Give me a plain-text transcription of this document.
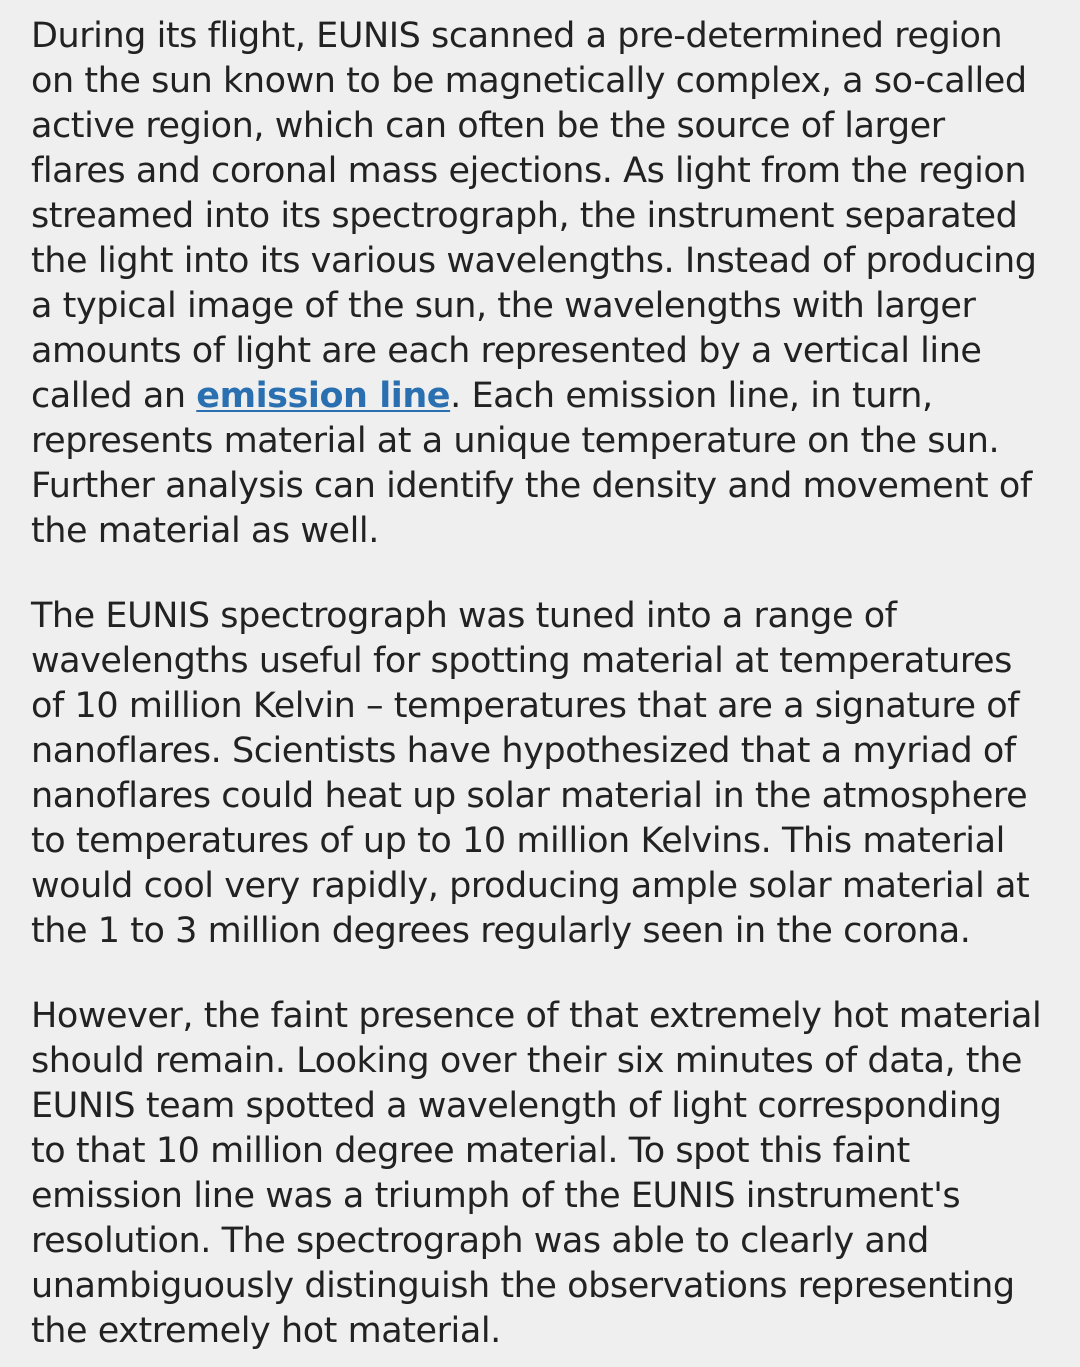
During its flight, EUNIS scanned a pre-determined region
on the sun known to be magnetically complex, a so-called
active region, which can often be the source of larger
flares and coronal mass ejections. As light from the region
streamed into its spectrograph, the instrument separated
the light into its various wavelengths. Instead of producing
a typical image of the sun, the wavelengths with larger
amounts of light are each represented by a vertical line
called an emission line. Each emission line, in turn,
represents material at a unique temperature on the sun.
Further analysis can identify the density and movement of
the material as well.

The EUNIS spectrograph was tuned into a range of
wavelengths useful for spotting material at temperatures
of 10 million Kelvin – temperatures that are a signature of
nanoflares. Scientists have hypothesized that a myriad of
nanoflares could heat up solar material in the atmosphere
to temperatures of up to 10 million Kelvins. This material
would cool very rapidly, producing ample solar material at
the 1 to 3 million degrees regularly seen in the corona.

However, the faint presence of that extremely hot material
should remain. Looking over their six minutes of data, the
EUNIS team spotted a wavelength of light corresponding
to that 10 million degree material. To spot this faint
emission line was a triumph of the EUNIS instrument's
resolution. The spectrograph was able to clearly and
unambiguously distinguish the observations representing
the extremely hot material.
